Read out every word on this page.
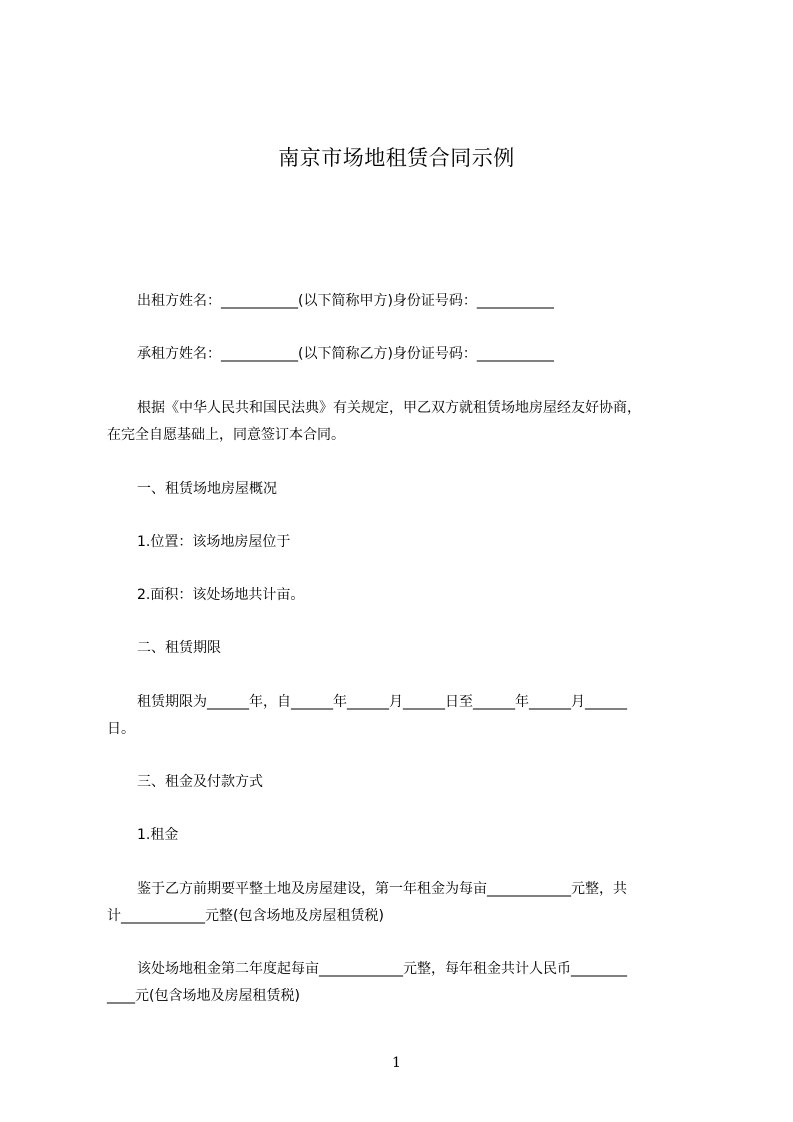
南京市场地租赁合同示例
出租方姓名：___________(以下简称甲方)身份证号码：___________
承租方姓名：___________(以下简称乙方)身份证号码：___________
根据《中华人民共和国民法典》有关规定，甲乙双方就租赁场地房屋经友好协商，
在完全自愿基础上，同意签订本合同。
一、租赁场地房屋概况
1.位置：该场地房屋位于
2.面积：该处场地共计亩。
二、租赁期限
租赁期限为______年，自______年______月______日至______年______月______
日。
三、租金及付款方式
1.租金
鉴于乙方前期要平整土地及房屋建设，第一年租金为每亩____________元整，共
计____________元整(包含场地及房屋租赁税)
该处场地租金第二年度起每亩____________元整，每年租金共计人民币________
____元(包含场地及房屋租赁税)
1
